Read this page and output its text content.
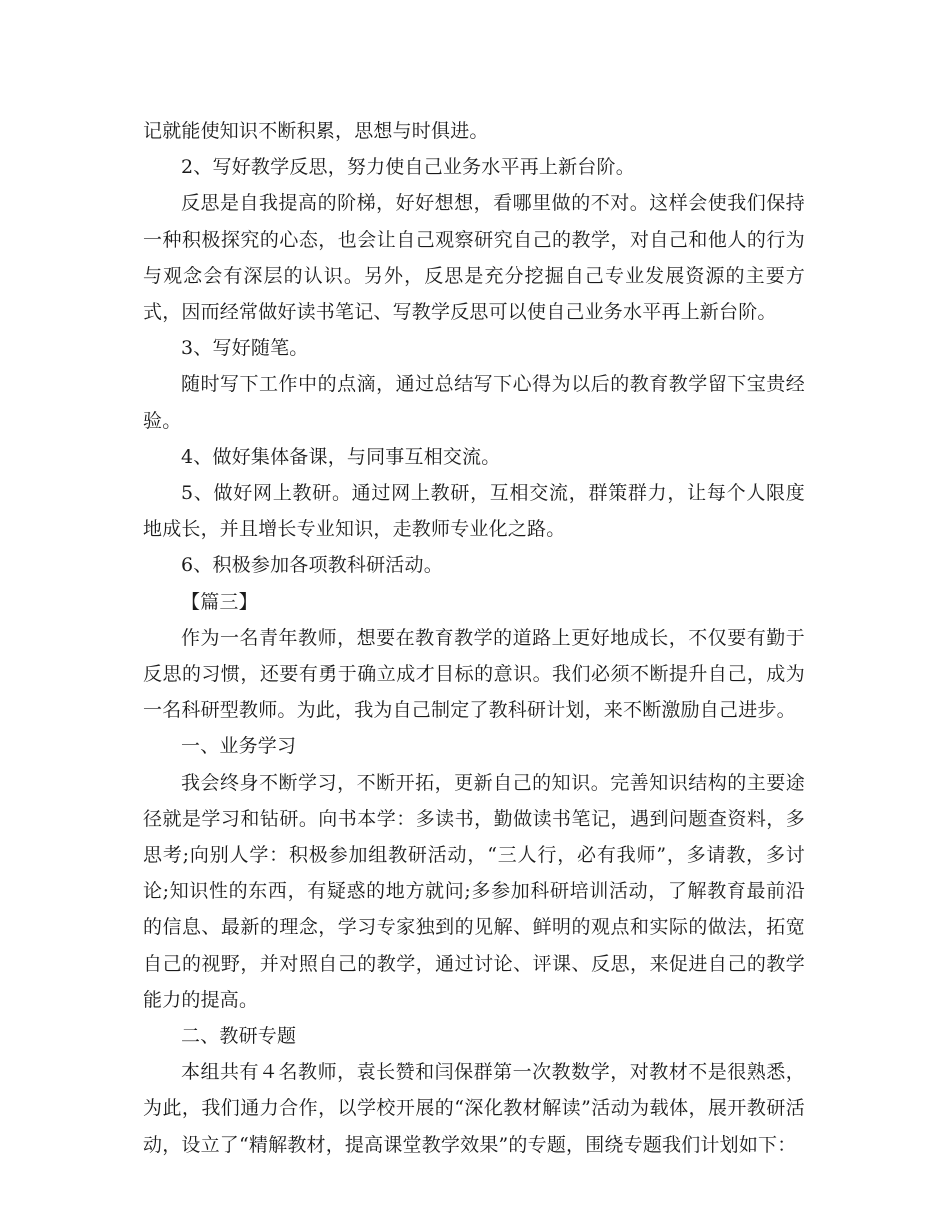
记就能使知识不断积累，思想与时俱进。

2、写好教学反思，努力使自己业务水平再上新台阶。

反思是自我提高的阶梯，好好想想，看哪里做的不对。这样会使我们保持一种积极探究的心态，也会让自己观察研究自己的教学，对自己和他人的行为与观念会有深层的认识。另外，反思是充分挖掘自己专业发展资源的主要方式，因而经常做好读书笔记、写教学反思可以使自己业务水平再上新台阶。

3、写好随笔。

随时写下工作中的点滴，通过总结写下心得为以后的教育教学留下宝贵经验。

4、做好集体备课，与同事互相交流。

5、做好网上教研。通过网上教研，互相交流，群策群力，让每个人限度地成长，并且增长专业知识，走教师专业化之路。

6、积极参加各项教科研活动。

【篇三】

作为一名青年教师，想要在教育教学的道路上更好地成长，不仅要有勤于反思的习惯，还要有勇于确立成才目标的意识。我们必须不断提升自己，成为一名科研型教师。为此，我为自己制定了教科研计划，来不断激励自己进步。

一、业务学习

我会终身不断学习，不断开拓，更新自己的知识。完善知识结构的主要途径就是学习和钻研。向书本学：多读书，勤做读书笔记，遇到问题查资料，多思考;向别人学：积极参加组教研活动，“三人行，必有我师”，多请教，多讨论;知识性的东西，有疑惑的地方就问;多参加科研培训活动，了解教育最前沿的信息、最新的理念，学习专家独到的见解、鲜明的观点和实际的做法，拓宽自己的视野，并对照自己的教学，通过讨论、评课、反思，来促进自己的教学能力的提高。

二、教研专题

本组共有４名教师，袁长赞和闫保群第一次教数学，对教材不是很熟悉，为此，我们通力合作，以学校开展的“深化教材解读”活动为载体，展开教研活动，设立了“精解教材，提高课堂教学效果”的专题，围绕专题我们计划如下：
